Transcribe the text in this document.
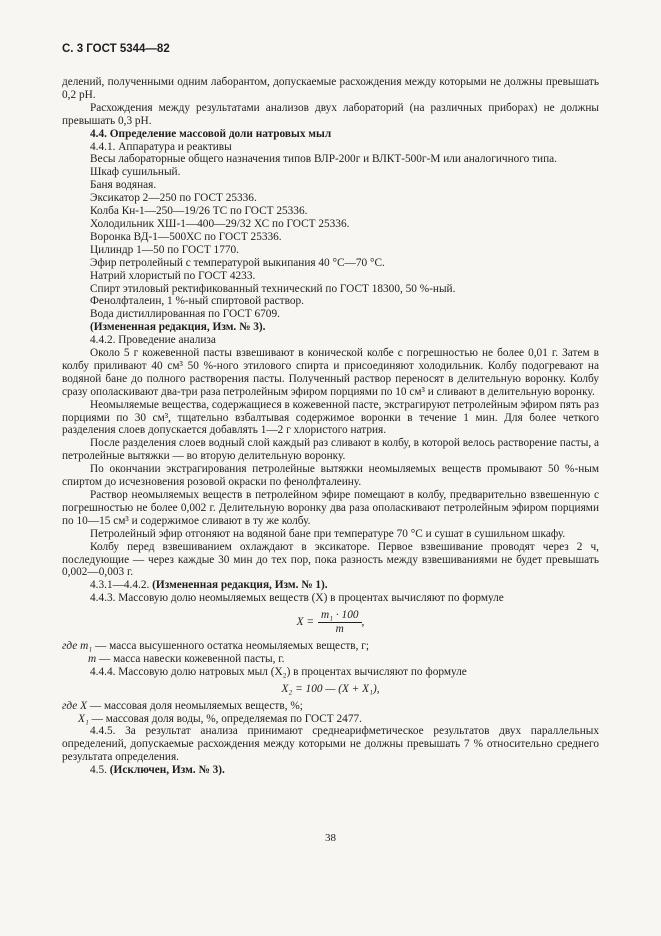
С. 3 ГОСТ 5344—82

делений, полученными одним лаборантом, допускаемые расхождения между которыми не должны превышать 0,2 pH.

Расхождения между результатами анализов двух лабораторий (на различных приборах) не должны превышать 0,3 pH.

4.4. Определение массовой доли натровых мыл

4.4.1. Аппаратура и реактивы

Весы лабораторные общего назначения типов ВЛР-200г и ВЛКТ-500г-М или аналогичного типа.

Шкаф сушильный.

Баня водяная.

Эксикатор 2—250 по ГОСТ 25336.

Колба Кн-1—250—19/26 ТС по ГОСТ 25336.

Холодильник ХШ-1—400—29/32 ХС по ГОСТ 25336.

Воронка ВД-1—500ХС по ГОСТ 25336.

Цилиндр 1—50 по ГОСТ 1770.

Эфир петролейный с температурой выкипания 40 °С—70 °С.

Натрий хлористый по ГОСТ 4233.

Спирт этиловый ректификованный технический по ГОСТ 18300, 50 %-ный.

Фенолфталеин, 1 %-ный спиртовой раствор.

Вода дистиллированная по ГОСТ 6709.

(Измененная редакция, Изм. № 3).

4.4.2. Проведение анализа

Около 5 г кожевенной пасты взвешивают в конической колбе с погрешностью не более 0,01 г. Затем в колбу приливают 40 см³ 50 %-ного этилового спирта и присоединяют холодильник. Колбу подогревают на водяной бане до полного растворения пасты. Полученный раствор переносят в делительную воронку. Колбу сразу ополаскивают два-три раза петролейным эфиром порциями по 10 см³ и сливают в делительную воронку.

Неомыляемые вещества, содержащиеся в кожевенной пасте, экстрагируют петролейным эфиром пять раз порциями по 30 см³, тщательно взбалтывая содержимое воронки в течение 1 мин. Для более четкого разделения слоев допускается добавлять 1—2 г хлористого натрия.

После разделения слоев водный слой каждый раз сливают в колбу, в которой велось растворение пасты, а петролейные вытяжки — во вторую делительную воронку.

По окончании экстрагирования петролейные вытяжки неомыляемых веществ промывают 50 %-ным спиртом до исчезновения розовой окраски по фенолфталеину.

Раствор неомыляемых веществ в петролейном эфире помещают в колбу, предварительно взвешенную с погрешностью не более 0,002 г. Делительную воронку два раза ополаскивают петролейным эфиром порциями по 10—15 см³ и содержимое сливают в ту же колбу.

Петролейный эфир отгоняют на водяной бане при температуре 70 °С и сушат в сушильном шкафу.

Колбу перед взвешиванием охлаждают в эксикаторе. Первое взвешивание проводят через 2 ч, последующие — через каждые 30 мин до тех пор, пока разность между взвешиваниями не будет превышать 0,002—0,003 г.

4.3.1—4.4.2. (Измененная редакция, Изм. № 1).

4.4.3. Массовую долю неомыляемых веществ (X) в процентах вычисляют по формуле

$X = \frac{\text{m₁ · 100}}{m}$ ,

где m₁
— масса высушенного остатка неомыляемых веществ, г;

m
— масса навески кожевенной пасты, г.

4.4.4. Массовую долю натровых мыл (X₂) в процентах вычисляют по формуле

X₂ = 100 — (X + X₁),

где X
— массовая доля неомыляемых веществ, %;

X₁
— массовая доля воды, %, определяемая по ГОСТ 2477.

4.4.5. За результат анализа принимают среднеарифметическое результатов двух параллельных определений, допускаемые расхождения между которыми не должны превышать 7 % относительно среднего результата определения.

4.5. (Исключен, Изм. № 3).

38
